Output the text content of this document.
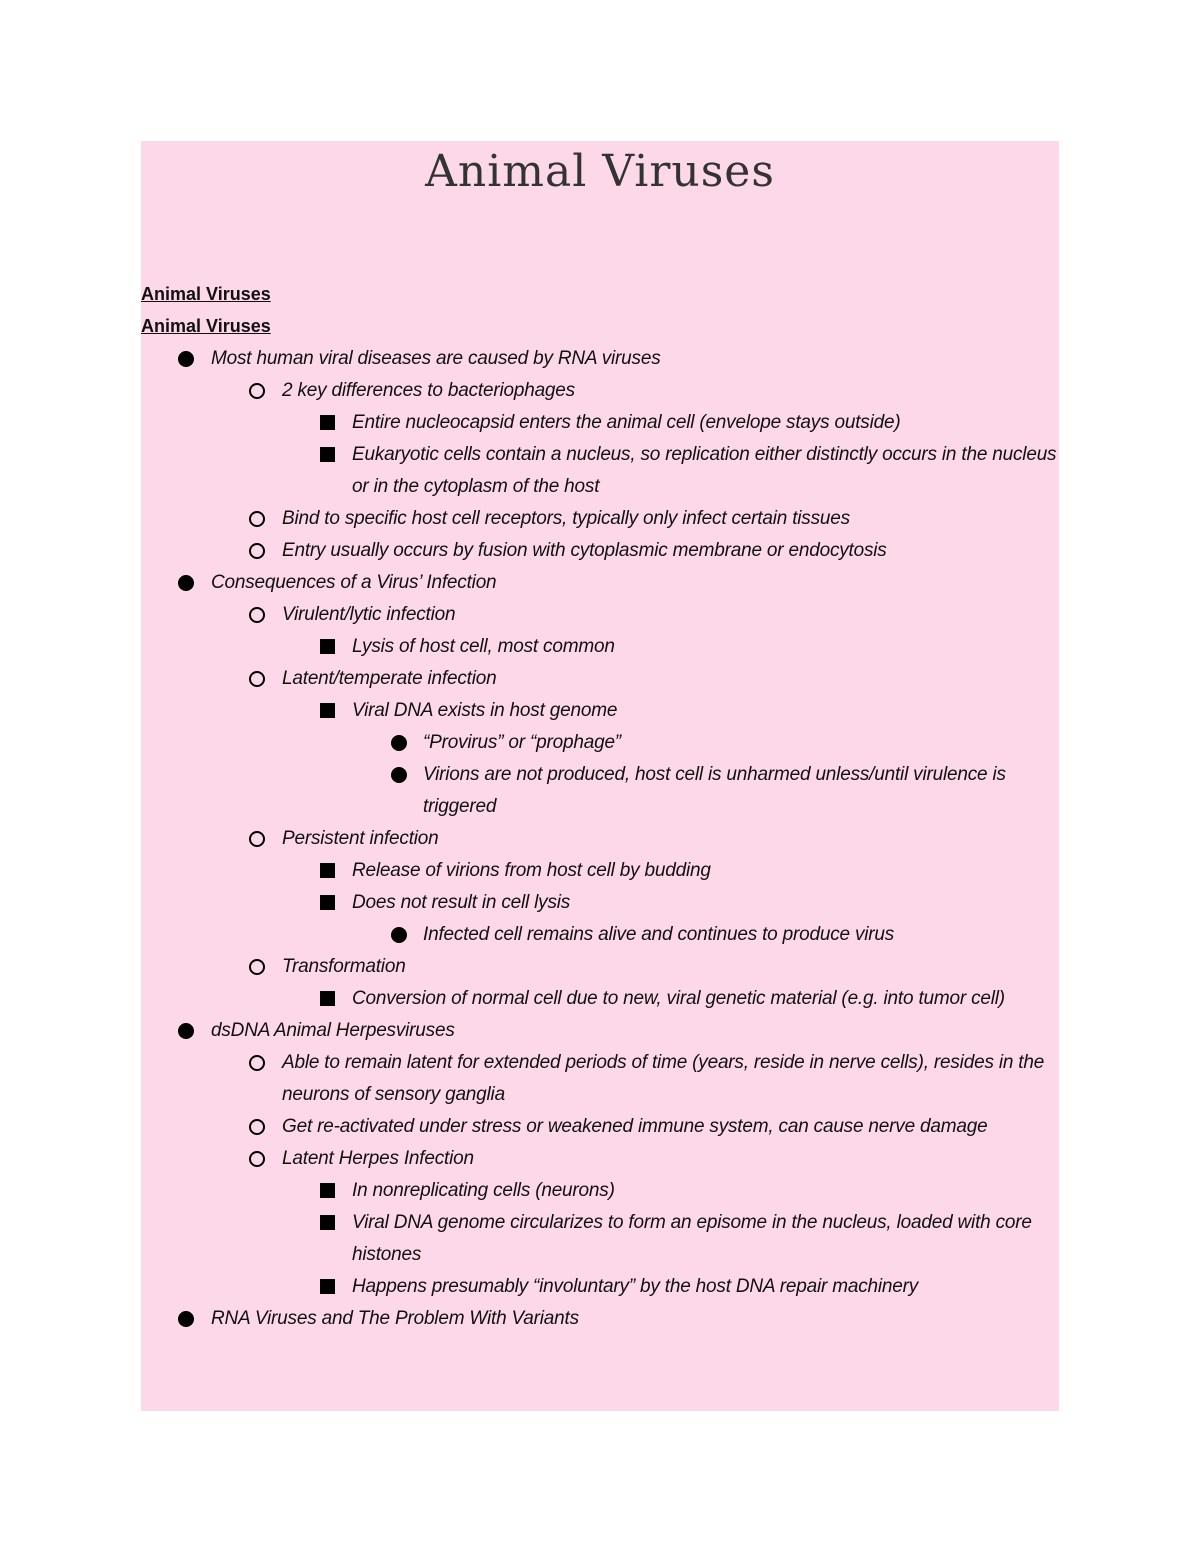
Animal Viruses
Animal Viruses
Animal Viruses
Most human viral diseases are caused by RNA viruses
2 key differences to bacteriophages
Entire nucleocapsid enters the animal cell (envelope stays outside)
Eukaryotic cells contain a nucleus, so replication either distinctly occurs in the nucleus or in the cytoplasm of the host
Bind to specific host cell receptors, typically only infect certain tissues
Entry usually occurs by fusion with cytoplasmic membrane or endocytosis
Consequences of a Virus’ Infection
Virulent/lytic infection
Lysis of host cell, most common
Latent/temperate infection
Viral DNA exists in host genome
“Provirus” or “prophage”
Virions are not produced, host cell is unharmed unless/until virulence is triggered
Persistent infection
Release of virions from host cell by budding
Does not result in cell lysis
Infected cell remains alive and continues to produce virus
Transformation
Conversion of normal cell due to new, viral genetic material (e.g. into tumor cell)
dsDNA Animal Herpesviruses
Able to remain latent for extended periods of time (years, reside in nerve cells), resides in the neurons of sensory ganglia
Get re-activated under stress or weakened immune system, can cause nerve damage
Latent Herpes Infection
In nonreplicating cells (neurons)
Viral DNA genome circularizes to form an episome in the nucleus, loaded with core histones
Happens presumably “involuntary” by the host DNA repair machinery
RNA Viruses and The Problem With Variants
